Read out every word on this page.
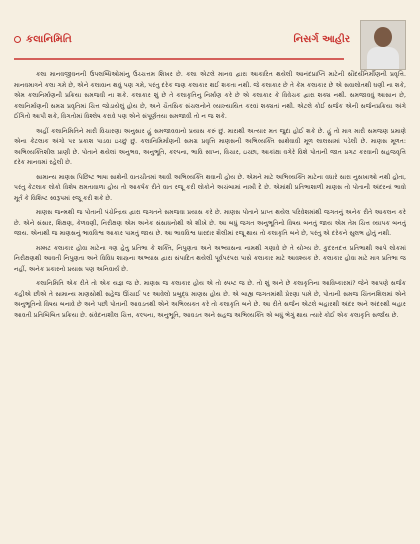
કલાનિમિતિ	નિસર્ગ આહીર

કલા માનવજીવનની ઉપલબ્ધિઓમાંનુ ઉચ્ચત્તમ શિખર છે. કલા એટલે માનવ દ્વારા આકારિત થયેલી આનંદપ્રાપ્તિ માટેની સૌંદર્યનિર્મીણની પ્રવૃત્તિ. માનવમાત્રને કલા ગમે છે, એને કલાવાન થવું પણ ગમે, પરંતુ દરેક જણ કલાકાર થઈ શકતા નથી. જે કલાકાર છે તે કેમ કલાકાર છે એ સવાલોતથી ઘણી ના શકે, એમ કલાનિર્માણની પ્રક્રિયા સમજવી ના શકે. કલાકાર શું છે તે કલાકૃતિનુ નિર્માણ કરે છે એ કલાકાર કે વિવેચક દ્વારા શક્ય નથી. સમજાવવું આસાન છે, કલાનિર્માણની સમગ્ર પ્રવૃતિમાં ચિત્ત જોડાયેલું હોય છે, અને ચૈતસિક સંચલનોને વ્યાખ્યાયિત કરવાં શક્યતાં નથી. એટલે કોઈ સર્જક એની સર્જનપ્રક્રિયા અંગે ઈંગિતો આપી શકે, વિગતોમાં વિશ્લેષ કરાવે પણ એને સંપૂર્ણતયા સમજાવી તો ન જ શકે.

અહીં કલાનિમિતિને મારી વિચારણા અનુસાર હું સમજાવવાનો પ્રયાસ કરું છું. મારાથી અત્યાર મત જુદા હોઈ શકે છે. હું તો માત્ર મારી સમજણ પ્રમાણે એના કેટલાક અંગો પર પ્રકાશ પાડવા ઇચ્છું છું. કલાનિમિર્માણની સમગ્ર પ્રવૃત્તિ માણસની અભિવ્યક્તિ સાથેવાવી મૂળ લાલસામાં પડેલી છે. માણસ મૂળત: અભિવ્યક્તિશીલ પ્રાણી છે. પોતાને થયેલાં અનુભવ, અનુભૂતિ, કલ્પના, ભાવિ સ્વપ્ન, વિચાર, ઇચ્છા, આકાંક્ષા વગેરે વિશે પોતાની જાત પ્રગટ કરવાની સહજવૃત્તિ દરેક માનવમાં રહેલી છે.

સામાન્ય માણસ પિછિષ્ટ ભાષા સાથેની વાતચીતમાં આવી અભિવ્યક્તિ થવાની હોય છે. એમને માટે અભિવ્યક્તિ માટેના વધારે સારા નુસખાઓ નથી હોતા, પરંતુ કેટલાક લોકો વિશેષ ક્ષમતાવાળા હોય તો આકર્ષક રીતે વાત રજૂ કરી લોકોને અચંબામાં નાખી દે છે. એમાંથી પ્રતિભાશાળી માણસ તો પોતાની અંદરનાં ભાવો મૂર્ત કે વિશિષ્ટ સ્વરૂપમાં રજૂ કરી શકે છે.

માણસ જન્મથી જ પોતાની પંચેન્દ્રિય દ્વારા જગતને સમજવા પ્રયાસ કરે છે. માણસ પોતાને પ્રાપ્ત થયેલ પરિવેશમાંથી જગતનું અનેક રીતે આકલન કરે છે. એને સંસાર, શિક્ષણ, કેળવણી, નિરીક્ષણ એમ અનેક સંસાધનોથી એ શીખે છે. આ બધું જગત અનુભૂતિનો વિષય બનતું જાય એમ તેમ ચિત્ત વ્યાપક બનતું જાય. એનાથી જ માણસનું ભાવવિશ્વ આકાર પામતું જાય છે. આ ભાવવિશ્વ ધારદાર શૈલીમાં રજૂ થાય તો કલાકૃતિ બને છે, પરંતુ એ દરેકને સુલભ હોતું નથી.

મમ્મટ કલાકાર હોવા માટેના ત્રણ હેતુ પ્રતિભા કે શક્તિ, નિપુણતા અને અભ્યાસના નામથી ગણાવે છે તે યોગ્ય છે. કુદરતદત્ત પ્રતિભાથી આપે લોકમાં નિરીક્ષણથી આવતી નિપુણતા અને વિવિધ શાસ્ત્રના અભ્યાસ દ્વારા સંપાદિત થયેલી પૂર્વપરંપરા પાસે કલાકાર માટે આવશ્યક છે. કલાકાર હોવા માટે માત્ર પ્રતિભા જ નહીં, અનેક પ્રકારનો પ્રયાસ પણ અનિવાર્ય છે.

કલાનિમિતિ એક રીતે તો એક યજ્ઞ જ છે. માણસ જ કલાકાર હોય એ તો સ્પષ્ટ જ છે. તો શું અને છે કલાકૃતિના આવિષ્કારમાં? જેને આપણે સર્જક કહીએ છીએ તે સામાન્ય માણસોથી સહેજ ઊંચાઈ પર આવેલો પ્રબુદ્ધ માણસ હોય છે. એ બાહ્ય જગતમાંથી પ્રેરણા પામે છે, પોતાની સમજ ચિંતનશિલમાં એને અનુભૂતિનો વિષય બનાવે છે અને પછી પોતાની આવડતથી એને અભિવ્યક્ત કરે તો કલાકૃતિ બને છે. આ રીતે સર્જન એટલે બહારથી અંદર અને અંદરથી બહાર આવતી પ્રતિબિંબિત પ્રક્રિયા છે. સંવેદનાશીલ ચિત્ત, કલ્પના, અનુભૂતિ, આવડત અને સહજ અભિવ્યક્તિ એ બધું ભેગું થાય ત્યારે કોઈ એક કલાકૃતિ સર્જાય છે.
